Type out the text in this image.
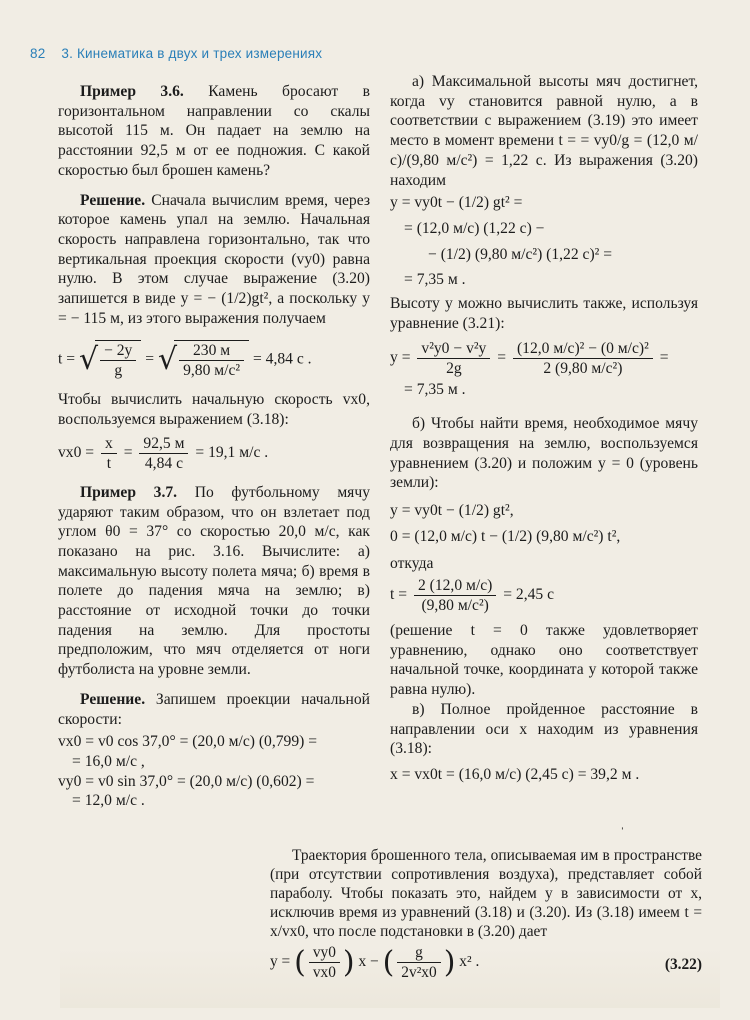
82 3. Кинематика в двух и трех измерениях

Пример 3.6. Камень бросают в горизонтальном направлении со скалы высотой 115 м. Он падает на землю на расстоянии 92,5 м от ее подножия. С какой скоростью был брошен камень?

Решение. Сначала вычислим время, через которое камень упал на землю. Начальная скорость направлена горизонтально, так что вертикальная проекция скорости (vy0) равна нулю. В этом случае выражение (3.20) запишется в виде y = − (1/2)gt², а поскольку y = − 115 м, из этого выражения получаем

t = √ $\frac{- 2y}{g}$ = √ $\frac{230 м}{\text{9,80 м/с²}} = 4,84$ с .

Чтобы вычислить начальную скорость vx0, воспользуемся выражением (3.18):

$vx0 = \frac{x}{t} = \frac{92,5 м}{4,84 с} = 19,1$ м/с .

Пример 3.7. По футбольному мячу ударяют таким образом, что он взлетает под углом θ0 = 37° со скоростью 20,0 м/с, как показано на рис. 3.16. Вычислите: а) максимальную высоту полета мяча; б) время в полете до падения мяча на землю; в) расстояние от исходной точки до точки падения на землю. Для простоты предположим, что мяч отделяется от ноги футболиста на уровне земли.

Решение. Запишем проекции начальной скорости:

vx0 = v0 cos 37,0° = (20,0 м/с) (0,799) =

= 16,0 м/с ,

vy0 = v0 sin 37,0° = (20,0 м/с) (0,602) =

= 12,0 м/с .

а) Максимальной высоты мяч достигнет, когда vy становится равной нулю, а в соответствии с выражением (3.19) это имеет место в момент времени t = = vy0/g = (12,0 м/с)/(9,80 м/с²) = 1,22 с. Из выражения (3.20) находим

y = vy0t − (1/2) gt² =

= (12,0 м/с) (1,22 с) −

− (1/2) (9,80 м/с²) (1,22 с)² =

= 7,35 м .

Высоту y можно вычислить также, используя уравнение (3.21):

$y = \frac{\text{v²y0 − v²y}}{2g} = \frac{\text{(12,0 м/с)² − (0 м/с)²}}{\text{2 (9,80 м/с²)}}$ =

= 7,35 м .

б) Чтобы найти время, необходимое мячу для возвращения на землю, воспользуемся уравнением (3.20) и положим y = 0 (уровень земли):

y = vy0t − (1/2) gt²,

0 = (12,0 м/с) t − (1/2) (9,80 м/с²) t²,

откуда

$t = \frac{2 (12,0 м/с)}{\text{(9,80 м/с²)}} = 2,45$ с

(решение t = 0 также удовлетворяет уравнению, однако оно соответствует начальной точке, координата y которой также равна нулю).

в) Полное пройденное расстояние в направлении оси x находим из уравнения (3.18):

x = vx0t = (16,0 м/с) (2,45 с) = 39,2 м .

ˈ

Траектория брошенного тела, описываемая им в пространстве (при отсутствии сопротивления воздуха), представляет собой параболу. Чтобы показать это, найдем y в зависимости от x, исключив время из уравнений (3.18) и (3.20). Из (3.18) имеем t = x/vx0, что после подстановки в (3.20) дает

y = ( $\frac{vy0}{vx0}$ ) x − ( $\frac{g}{\text{2v²x0}}$ ) x² .	(3.22)
